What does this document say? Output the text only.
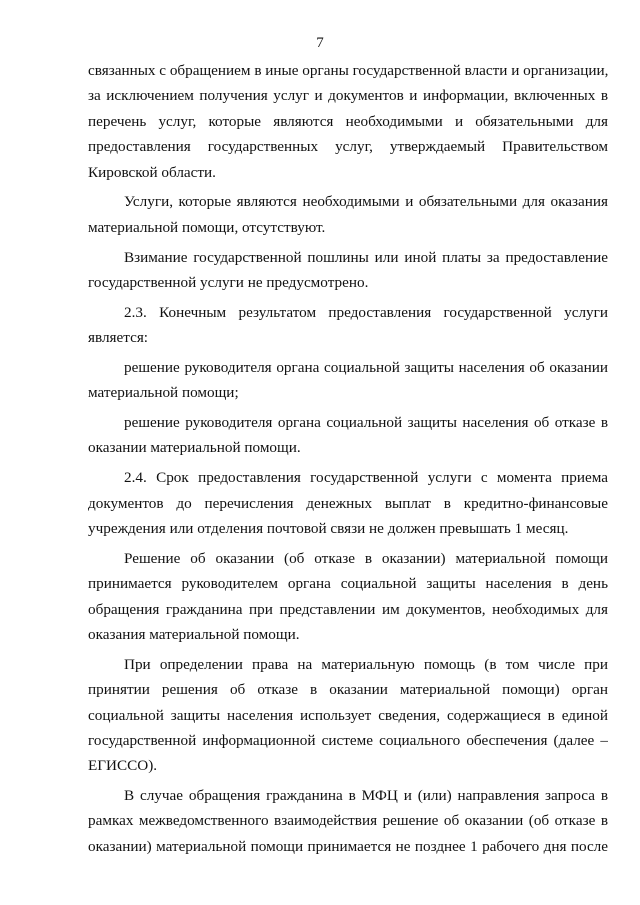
7
связанных с обращением в иные органы государственной власти и организации,
за исключением получения услуг и документов и информации, включенных в
перечень услуг, которые являются необходимыми и обязательными для
предоставления государственных услуг, утверждаемый Правительством
Кировской области.
Услуги, которые являются необходимыми и обязательными для оказания
материальной помощи, отсутствуют.
Взимание государственной пошлины или иной платы за предоставление
государственной услуги не предусмотрено.
2.3. Конечным результатом предоставления государственной услуги
является:
решение руководителя органа социальной защиты населения об оказании
материальной помощи;
решение руководителя органа социальной защиты населения об отказе в
оказании материальной помощи.
2.4. Срок предоставления государственной услуги с момента приема
документов до перечисления денежных выплат в кредитно-финансовые
учреждения или отделения почтовой связи не должен превышать 1 месяц.
Решение об оказании (об отказе в оказании) материальной помощи
принимается руководителем органа социальной защиты населения в день
обращения гражданина при представлении им документов, необходимых для
оказания материальной помощи.
При определении права на материальную помощь (в том числе при
принятии решения об отказе в оказании материальной помощи) орган
социальной защиты населения использует сведения, содержащиеся в единой
государственной информационной системе социального обеспечения (далее –
ЕГИССО).
В случае обращения гражданина в МФЦ и (или) направления запроса в
рамках межведомственного взаимодействия решение об оказании (об отказе в
оказании) материальной помощи принимается не позднее 1 рабочего дня после
